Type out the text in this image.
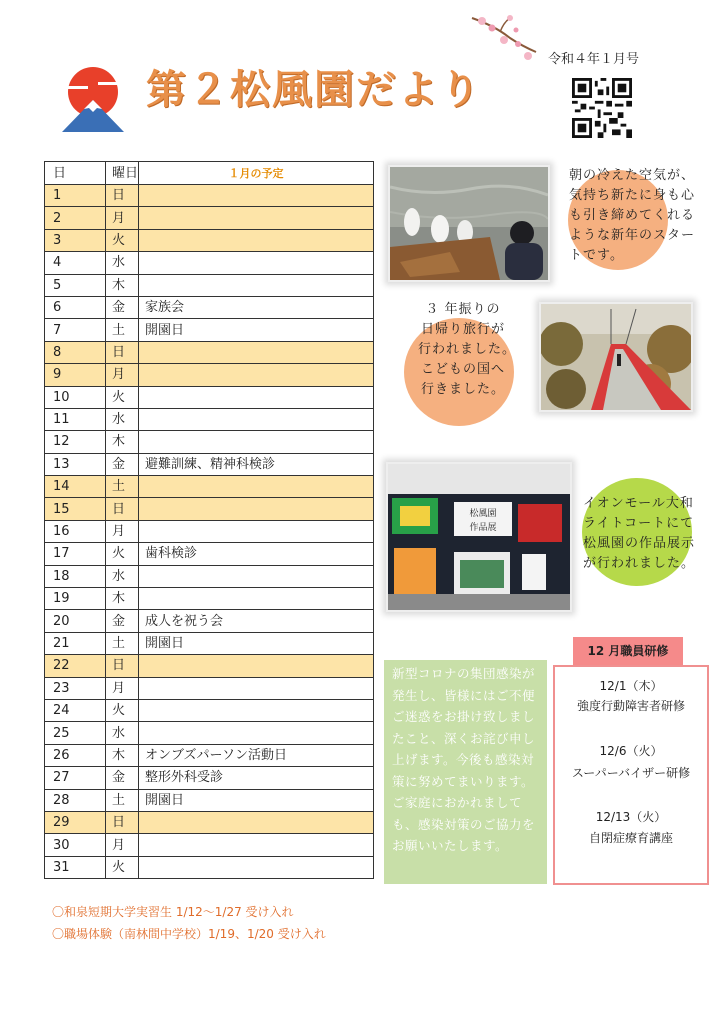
第２松風園だより
令和４年１月号
日	曜日	１月の予定
1	日	
2	月	
3	火	
4	水	
5	木	
6	金	家族会
7	土	開園日
8	日	
9	月	
10	火	
11	水	
12	木	
13	金	避難訓練、精神科検診
14	土	
15	日	
16	月	
17	火	歯科検診
18	水	
19	木	
20	金	成人を祝う会
21	土	開園日
22	日	
23	月	
24	火	
25	水	
26	木	オンブズパーソン活動日
27	金	整形外科受診
28	土	開園日
29	日	
30	月	
31	火	
〇和泉短期大学実習生 1/12〜1/27 受け入れ
〇職場体験（南林間中学校）1/19、1/20 受け入れ
朝の冷えた空気が、
気持ち新たに身も心
も引き締めてくれる
ような新年のスター
トです。
３ 年振りの
日帰り旅行が
行われました。
こどもの国へ
行きました。
松風園
作品展
イオンモール大和
ライトコートにて
松風園の作品展示
が行われました。
新型コロナの集団感染が発生し、皆様にはご不便ご迷惑をお掛け致しましたこと、深くお詫び申し上げます。今後も感染対策に努めてまいります。ご家庭におかれましても、感染対策のご協力をお願いいたします。
12 月職員研修
12/1（木）
強度行動障害者研修
12/6（火）
スーパーバイザー研修
12/13（火）
自閉症療育講座
